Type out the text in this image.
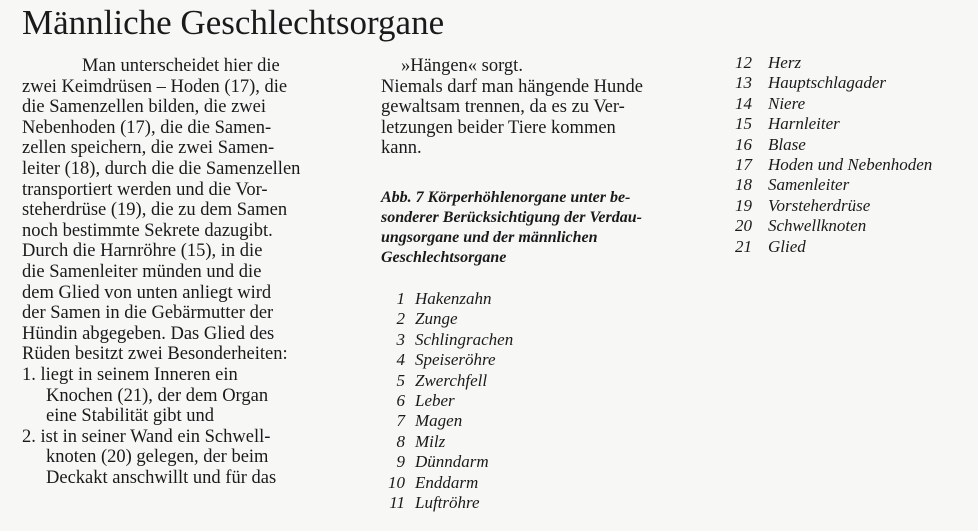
Männliche Geschlechtsorgane
Man unterscheidet hier die
zwei Keimdrüsen – Hoden (17), die
die Samenzellen bilden, die zwei
Nebenhoden (17), die die Samen-
zellen speichern, die zwei Samen-
leiter (18), durch die die Samenzellen
transportiert werden und die Vor-
steherdrüse (19), die zu dem Samen
noch bestimmte Sekrete dazugibt.
Durch die Harnröhre (15), in die
die Samenleiter münden und die
dem Glied von unten anliegt wird
der Samen in die Gebärmutter der
Hündin abgegeben. Das Glied des
Rüden besitzt zwei Besonderheiten:
1. liegt in seinem Inneren ein
Knochen (21), der dem Organ
eine Stabilität gibt und
2. ist in seiner Wand ein Schwell-
knoten (20) gelegen, der beim
Deckakt anschwillt und für das
»Hängen« sorgt.
Niemals darf man hängende Hunde
gewaltsam trennen, da es zu Ver-
letzungen beider Tiere kommen
kann.
Abb. 7 Körperhöhlenorgane unter be-
sonderer Berücksichtigung der Verdau-
ungsorgane und der männlichen
Geschlechtsorgane
1 Hakenzahn
2 Zunge
3 Schlingrachen
4 Speiseröhre
5 Zwerchfell
6 Leber
7 Magen
8 Milz
9 Dünndarm
10 Enddarm
11 Luftröhre
12 Herz
13 Hauptschlagader
14 Niere
15 Harnleiter
16 Blase
17 Hoden und Nebenhoden
18 Samenleiter
19 Vorsteherdrüse
20 Schwellknoten
21 Glied
